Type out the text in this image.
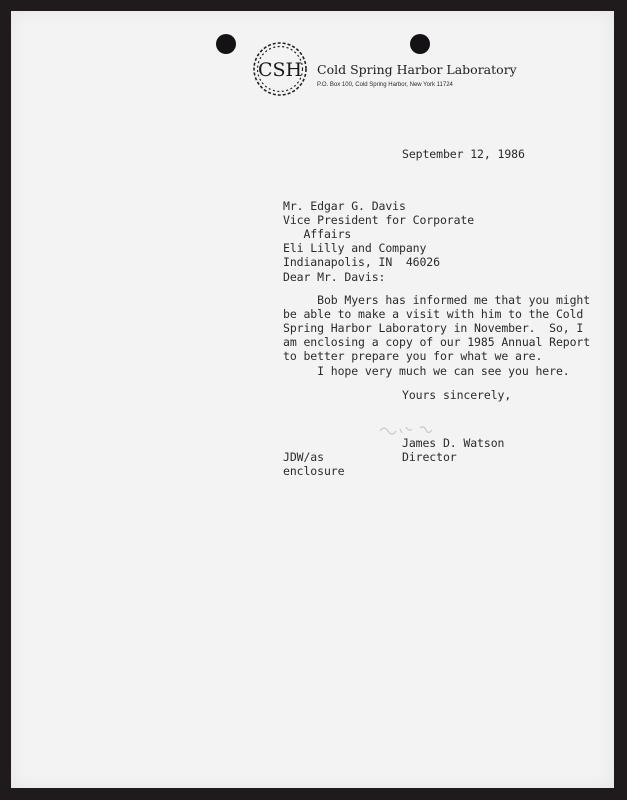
CSH Cold Spring Harbor Laboratory
P.O. Box 100, Cold Spring Harbor, New York 11724
September 12, 1986
Mr. Edgar G. Davis
Vice President for Corporate
Affairs
Eli Lilly and Company
Indianapolis, IN  46026
Dear Mr. Davis:
Bob Myers has informed me that you might
be able to make a visit with him to the Cold
Spring Harbor Laboratory in November.  So, I
am enclosing a copy of our 1985 Annual Report
to better prepare you for what we are.
I hope very much we can see you here.
Yours sincerely,
James D. Watson
Director
JDW/as
enclosure
